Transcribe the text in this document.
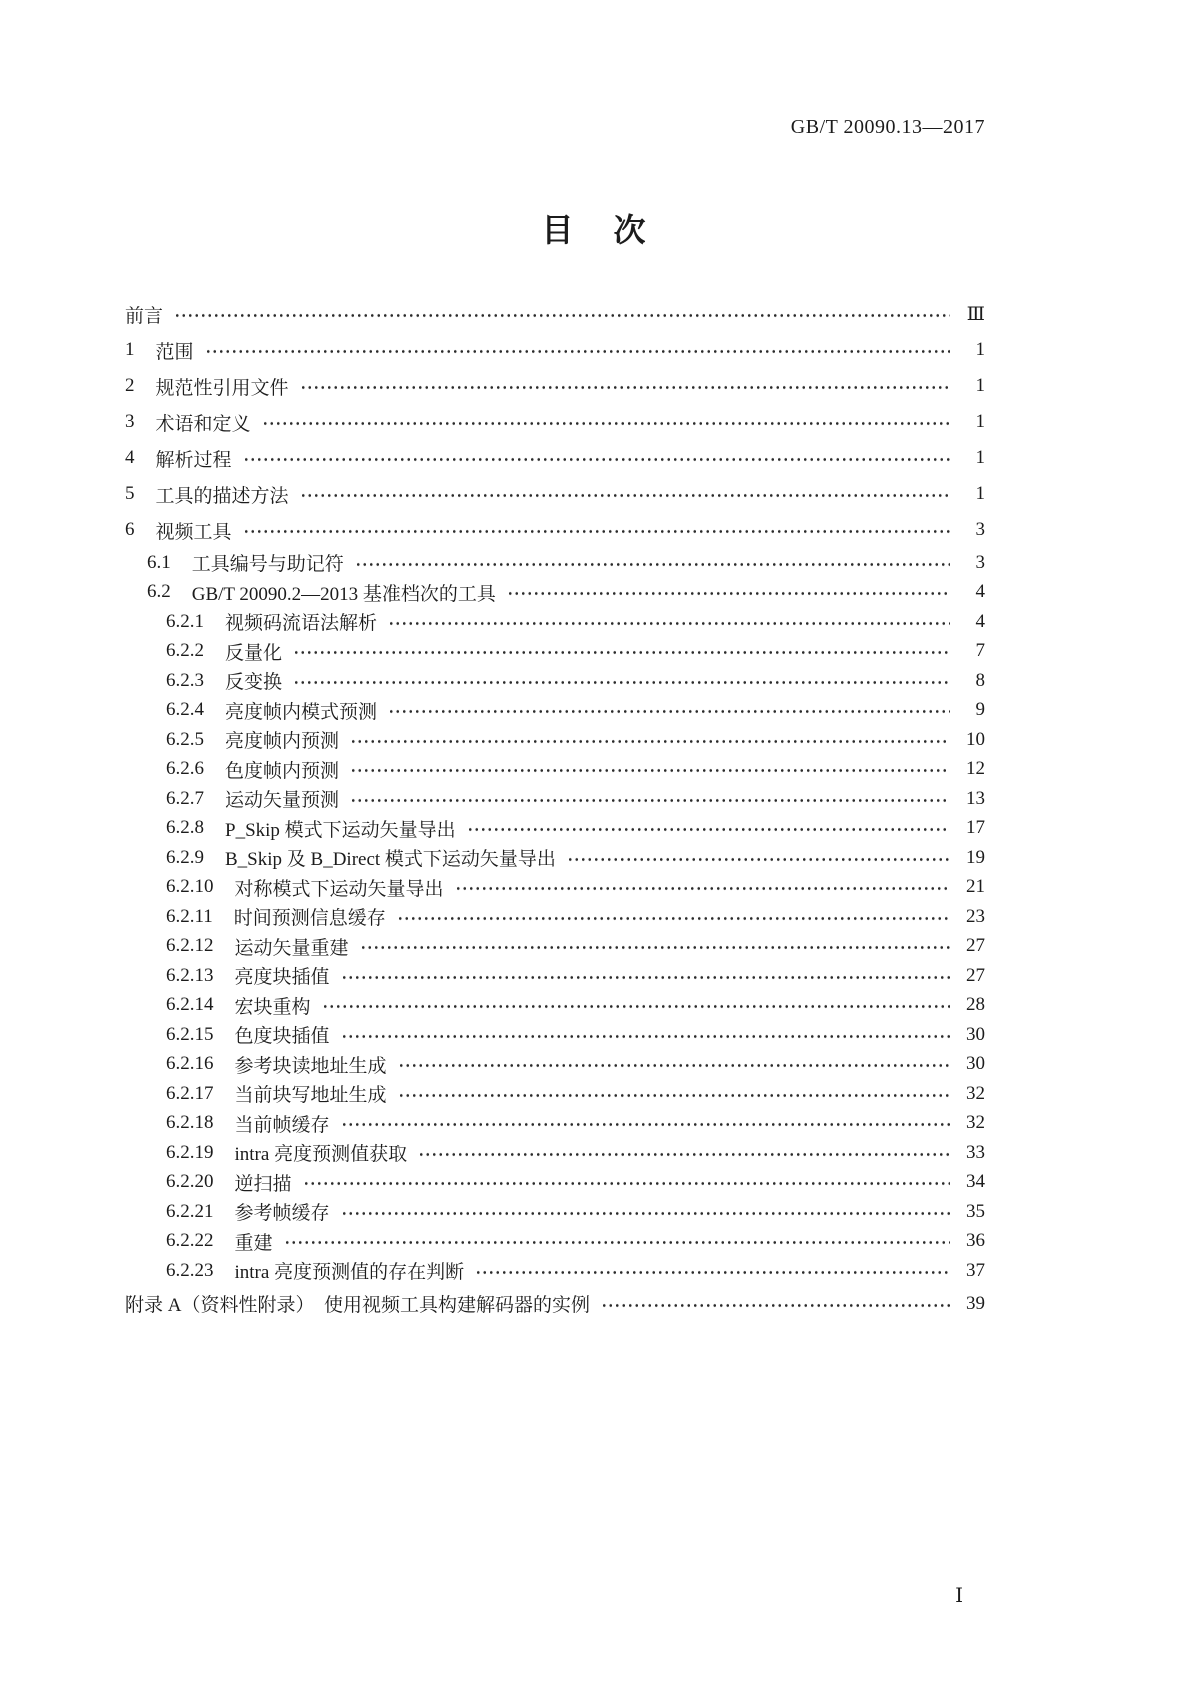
GB/T 20090.13—2017
目　次
前言	Ⅲ
1 范围	1
2 规范性引用文件	1
3 术语和定义	1
4 解析过程	1
5 工具的描述方法	1
6 视频工具	3
6.1 工具编号与助记符	3
6.2 GB/T 20090.2—2013 基准档次的工具	4
6.2.1 视频码流语法解析	4
6.2.2 反量化	7
6.2.3 反变换	8
6.2.4 亮度帧内模式预测	9
6.2.5 亮度帧内预测	10
6.2.6 色度帧内预测	12
6.2.7 运动矢量预测	13
6.2.8 P_Skip 模式下运动矢量导出	17
6.2.9 B_Skip 及 B_Direct 模式下运动矢量导出	19
6.2.10 对称模式下运动矢量导出	21
6.2.11 时间预测信息缓存	23
6.2.12 运动矢量重建	27
6.2.13 亮度块插值	27
6.2.14 宏块重构	28
6.2.15 色度块插值	30
6.2.16 参考块读地址生成	30
6.2.17 当前块写地址生成	32
6.2.18 当前帧缓存	32
6.2.19 intra 亮度预测值获取	33
6.2.20 逆扫描	34
6.2.21 参考帧缓存	35
6.2.22 重建	36
6.2.23 intra 亮度预测值的存在判断	37
附录 A（资料性附录）　使用视频工具构建解码器的实例	39
Ⅰ
